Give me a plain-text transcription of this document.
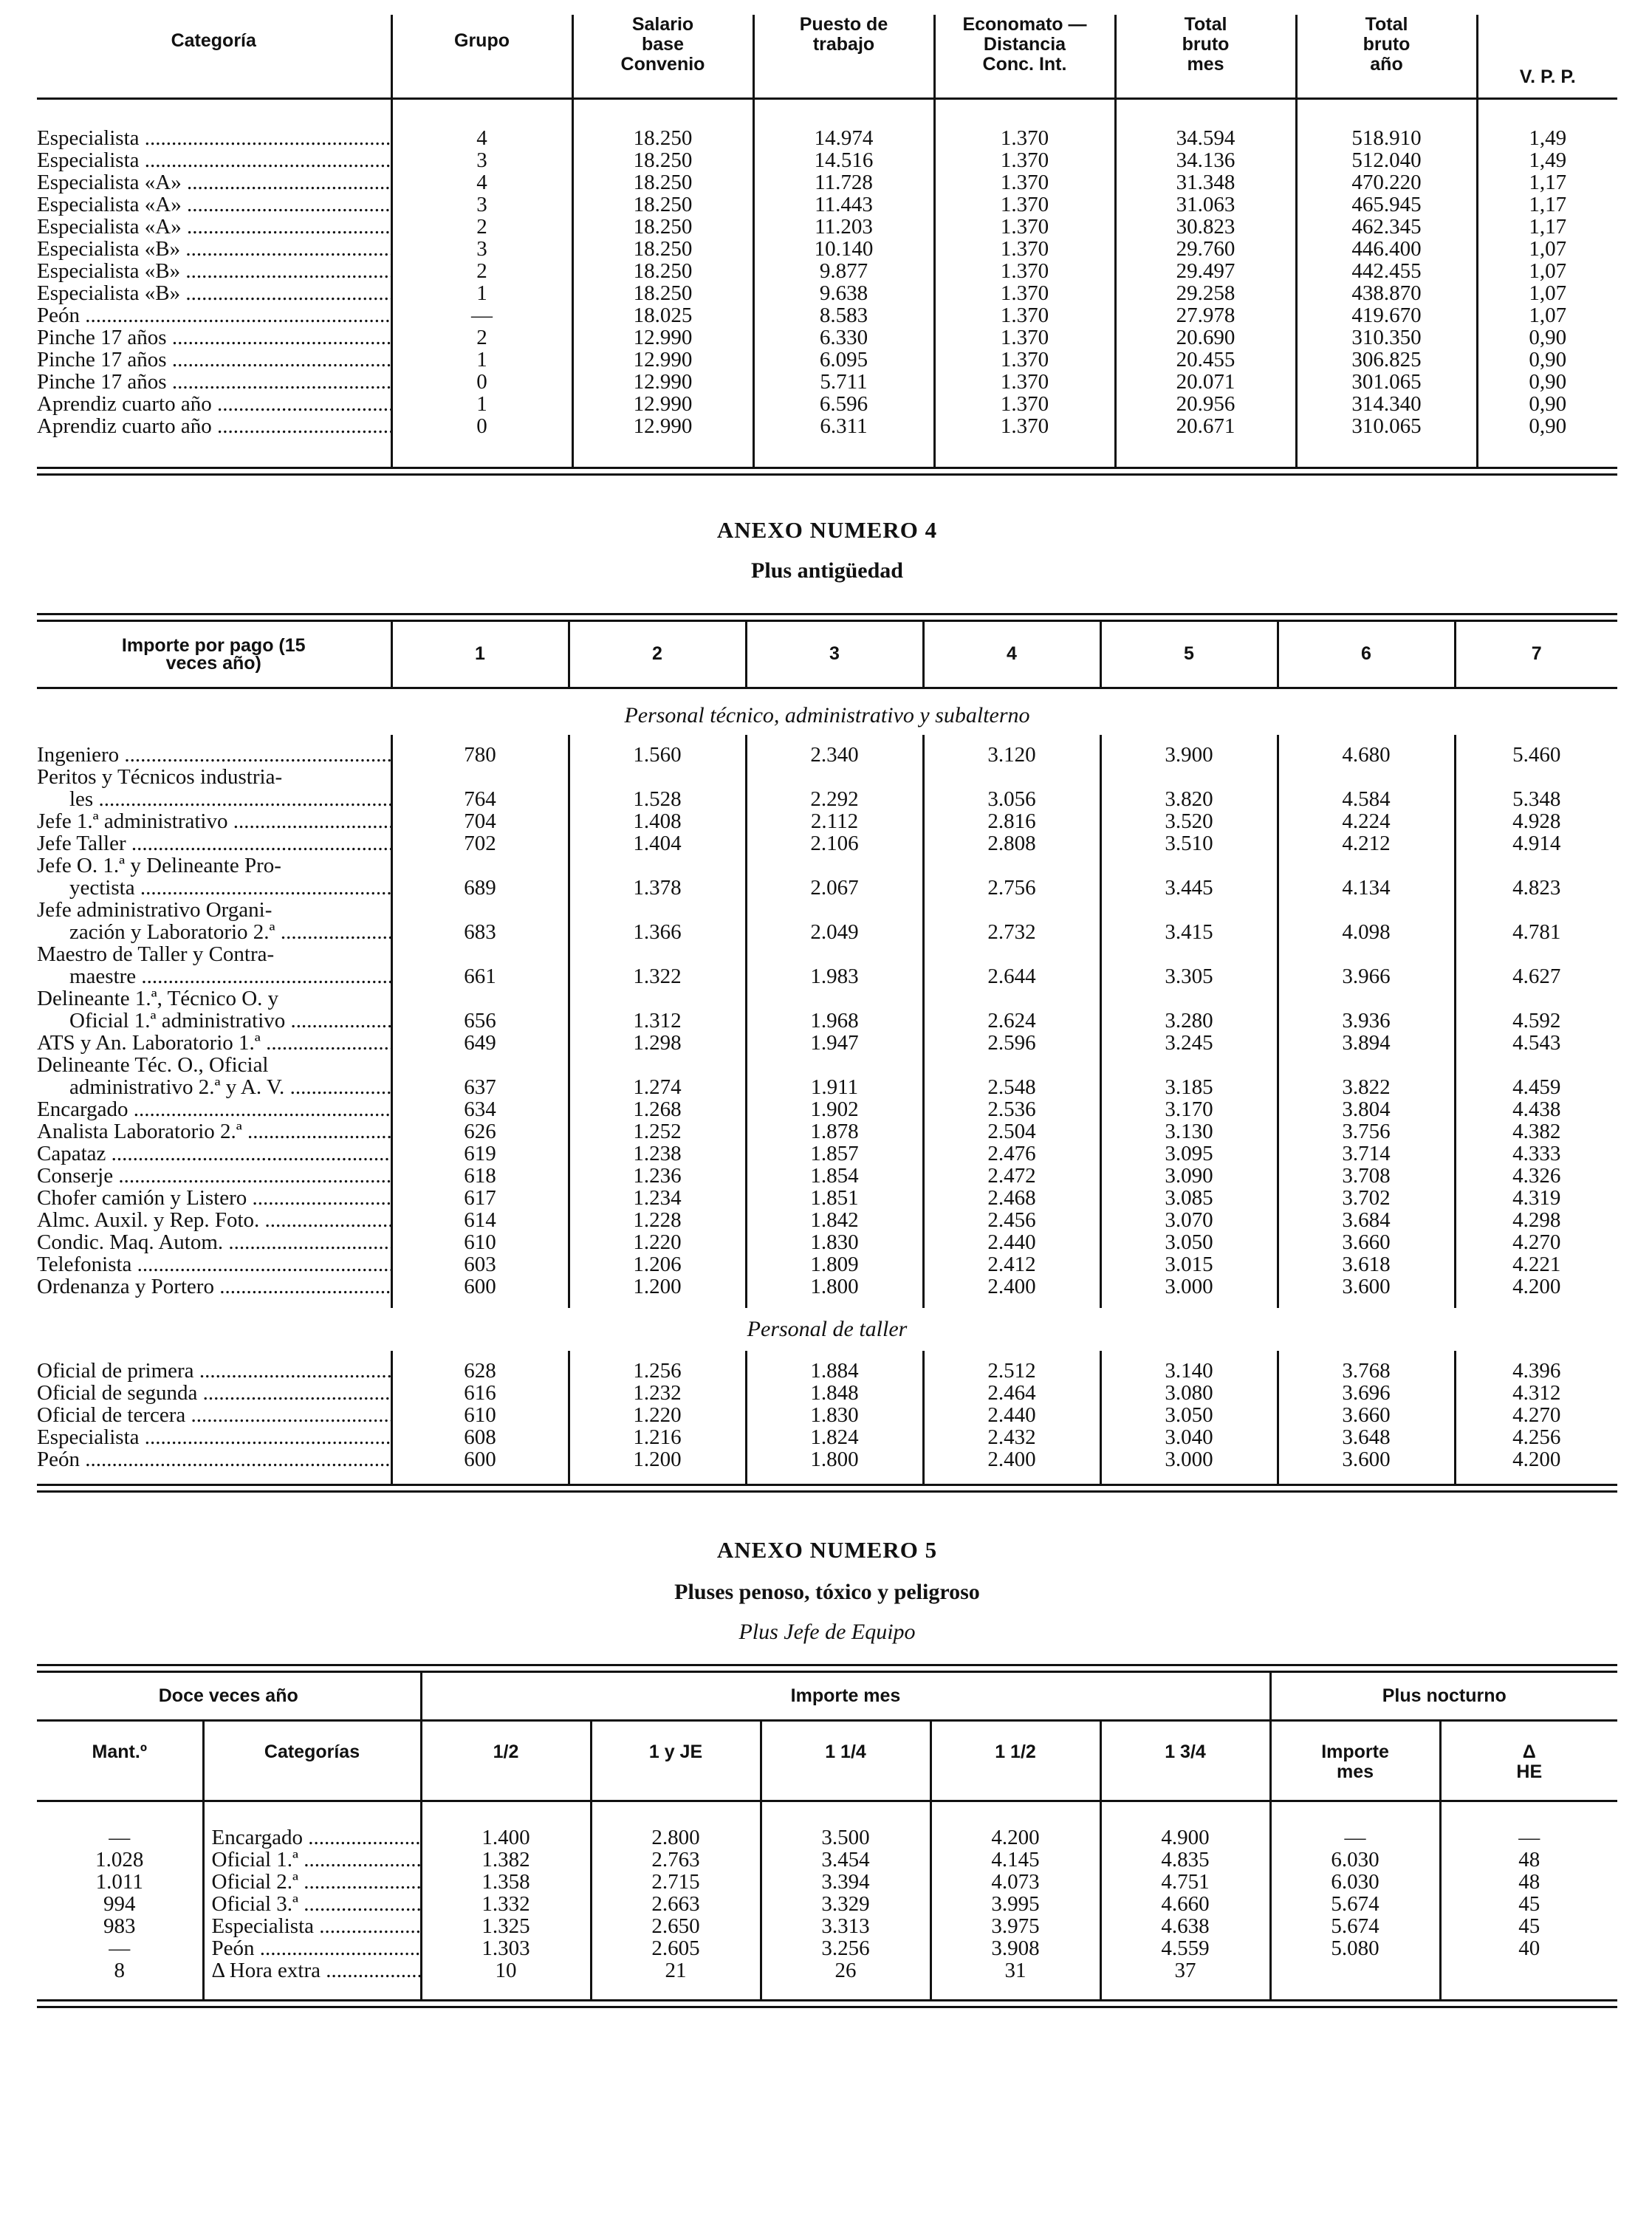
Categoría	Grupo	Salario base Convenio	Puesto de trabajo	Economato — Distancia Conc. Int.	Total bruto mes	Total bruto año	V. P. P.

Especialista .....	4	18.250	14.974	1.370	34.594	518.910	1,49
Especialista .....	3	18.250	14.516	1.370	34.136	512.040	1,49
Especialista «A» .....	4	18.250	11.728	1.370	31.348	470.220	1,17
Especialista «A» .....	3	18.250	11.443	1.370	31.063	465.945	1,17
Especialista «A» .....	2	18.250	11.203	1.370	30.823	462.345	1,17
Especialista «B» .....	3	18.250	10.140	1.370	29.760	446.400	1,07
Especialista «B» .....	2	18.250	9.877	1.370	29.497	442.455	1,07
Especialista «B» .....	1	18.250	9.638	1.370	29.258	438.870	1,07
Peón .....	—	18.025	8.583	1.370	27.978	419.670	1,07
Pinche 17 años .....	2	12.990	6.330	1.370	20.690	310.350	0,90
Pinche 17 años .....	1	12.990	6.095	1.370	20.455	306.825	0,90
Pinche 17 años .....	0	12.990	5.711	1.370	20.071	301.065	0,90
Aprendiz cuarto año .....	1	12.990	6.596	1.370	20.956	314.340	0,90
Aprendiz cuarto año .....	0	12.990	6.311	1.370	20.671	310.065	0,90

ANEXO NUMERO 4
Plus antigüedad
Importe por pago (15 veces año)	1	2	3	4	5	6	7

Personal técnico, administrativo y subalterno							

Ingeniero .....	780	1.560	2.340	3.120	3.900	4.680	5.460
Peritos y Técnicos industria-							
les .....	764	1.528	2.292	3.056	3.820	4.584	5.348
Jefe 1.ª administrativo .....	704	1.408	2.112	2.816	3.520	4.224	4.928
Jefe Taller .....	702	1.404	2.106	2.808	3.510	4.212	4.914
Jefe O. 1.ª y Delineante Pro-							
yectista .....	689	1.378	2.067	2.756	3.445	4.134	4.823
Jefe administrativo Organi-							
zación y Laboratorio 2.ª .....	683	1.366	2.049	2.732	3.415	4.098	4.781
Maestro de Taller y Contra-							
maestre .....	661	1.322	1.983	2.644	3.305	3.966	4.627
Delineante 1.ª, Técnico O. y							
Oficial 1.ª administrativo .....	656	1.312	1.968	2.624	3.280	3.936	4.592
ATS y An. Laboratorio 1.ª .....	649	1.298	1.947	2.596	3.245	3.894	4.543
Delineante Téc. O., Oficial							
administrativo 2.ª y A. V. .....	637	1.274	1.911	2.548	3.185	3.822	4.459
Encargado .....	634	1.268	1.902	2.536	3.170	3.804	4.438
Analista Laboratorio 2.ª .....	626	1.252	1.878	2.504	3.130	3.756	4.382
Capataz .....	619	1.238	1.857	2.476	3.095	3.714	4.333
Conserje .....	618	1.236	1.854	2.472	3.090	3.708	4.326
Chofer camión y Listero .....	617	1.234	1.851	2.468	3.085	3.702	4.319
Almc. Auxil. y Rep. Foto. .....	614	1.228	1.842	2.456	3.070	3.684	4.298
Condic. Maq. Autom. .....	610	1.220	1.830	2.440	3.050	3.660	4.270
Telefonista .....	603	1.206	1.809	2.412	3.015	3.618	4.221
Ordenanza y Portero .....	600	1.200	1.800	2.400	3.000	3.600	4.200

Personal de taller							

Oficial de primera .....	628	1.256	1.884	2.512	3.140	3.768	4.396
Oficial de segunda .....	616	1.232	1.848	2.464	3.080	3.696	4.312
Oficial de tercera .....	610	1.220	1.830	2.440	3.050	3.660	4.270
Especialista .....	608	1.216	1.824	2.432	3.040	3.648	4.256
Peón .....	600	1.200	1.800	2.400	3.000	3.600	4.200

ANEXO NUMERO 5
Pluses penoso, tóxico y peligroso
Plus Jefe de Equipo
Doce veces año		Importe mes					Plus nocturno	
Mant.º	Categorías	1/2	1 y JE	1 1/4	1 1/2	1 3/4	Importe mes	Δ HE

—	Encargado .....	1.400	2.800	3.500	4.200	4.900	—	—
1.028	Oficial 1.ª .....	1.382	2.763	3.454	4.145	4.835	6.030	48
1.011	Oficial 2.ª .....	1.358	2.715	3.394	4.073	4.751	6.030	48
994	Oficial 3.ª .....	1.332	2.663	3.329	3.995	4.660	5.674	45
983	Especialista .....	1.325	2.650	3.313	3.975	4.638	5.674	45
—	Peón .....	1.303	2.605	3.256	3.908	4.559	5.080	40
8	Δ Hora extra .....	10	21	26	31	37		
